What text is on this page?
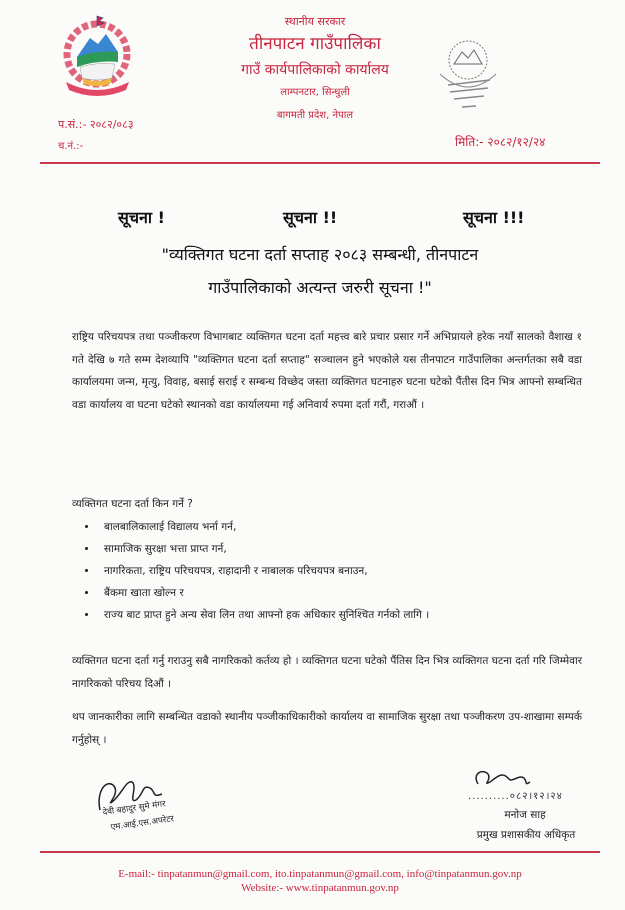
स्थानीय सरकार
तीनपाटन गाउँपालिका
गाउँ कार्यपालिकाको कार्यालय
लाम्पनटार, सिन्धुली
बागमती प्रदेश, नेपाल
प.सं.:- २०८२/०८३
च.नं.:-	मिति:- २०८२/१२/२४
सूचना !	सूचना !!	सूचना !!!
"व्यक्तिगत घटना दर्ता सप्ताह २०८३ सम्बन्धी, तीनपाटन
गाउँपालिकाको अत्यन्त जरुरी सूचना !"
राष्ट्रिय परिचयपत्र तथा पञ्जीकरण विभागबाट व्यक्तिगत घटना दर्ता महत्त्व बारे प्रचार प्रसार गर्ने अभिप्रायले हरेक नयाँ सालको वैशाख १ गते देखि ७ गते सम्म देशव्यापि "व्यक्तिगत घटना दर्ता सप्ताह" सञ्चालन हुने भएकोले यस तीनपाटन गाउँपालिका अन्तर्गतका सबै वडा कार्यालयमा जन्म, मृत्यु, विवाह, बसाई सराई र सम्बन्ध विच्छेद जस्ता व्यक्तिगत घटनाहरु घटना घटेको पैंतीस दिन भित्र आफ्नो सम्बन्धित वडा कार्यालय वा घटना घटेको स्थानको वडा कार्यालयमा गई अनिवार्य रुपमा दर्ता गरौं, गराऔं ।
व्यक्तिगत घटना दर्ता किन गर्ने ?
• बालबालिकालाई विद्यालय भर्ना गर्न,
• सामाजिक सुरक्षा भत्ता प्राप्त गर्न,
• नागरिकता, राष्ट्रिय परिचयपत्र, राहादानी र नाबालक परिचयपत्र बनाउन,
• बैंकमा खाता खोल्न र
• राज्य बाट प्राप्त हुने अन्य सेवा लिन तथा आफ्नो हक अधिकार सुनिश्चित गर्नको लागि ।
व्यक्तिगत घटना दर्ता गर्नु गराउनु सबै नागरिकको कर्तव्य हो । व्यक्तिगत घटना घटेको पैंतिस दिन भित्र व्यक्तिगत घटना दर्ता गरि जिम्मेवार नागरिकको परिचय दिऔं ।
थप जानकारीका लागि सम्बन्धित वडाको स्थानीय पञ्जीकाधिकारीको कार्यालय वा सामाजिक सुरक्षा तथा पञ्जीकरण उप-शाखामा सम्पर्क गर्नुहोस् ।
देवी बहादुर सुमे मंगर
एम.आई.एस.अपरेटर
..........०८२।१२।२४
मनोज साह
प्रमुख प्रशासकीय अधिकृत
E-mail:- tinpatanmun@gmail.com, ito.tinpatanmun@gmail.com, info@tinpatanmun.gov.np
Website:- www.tinpatanmun.gov.np
